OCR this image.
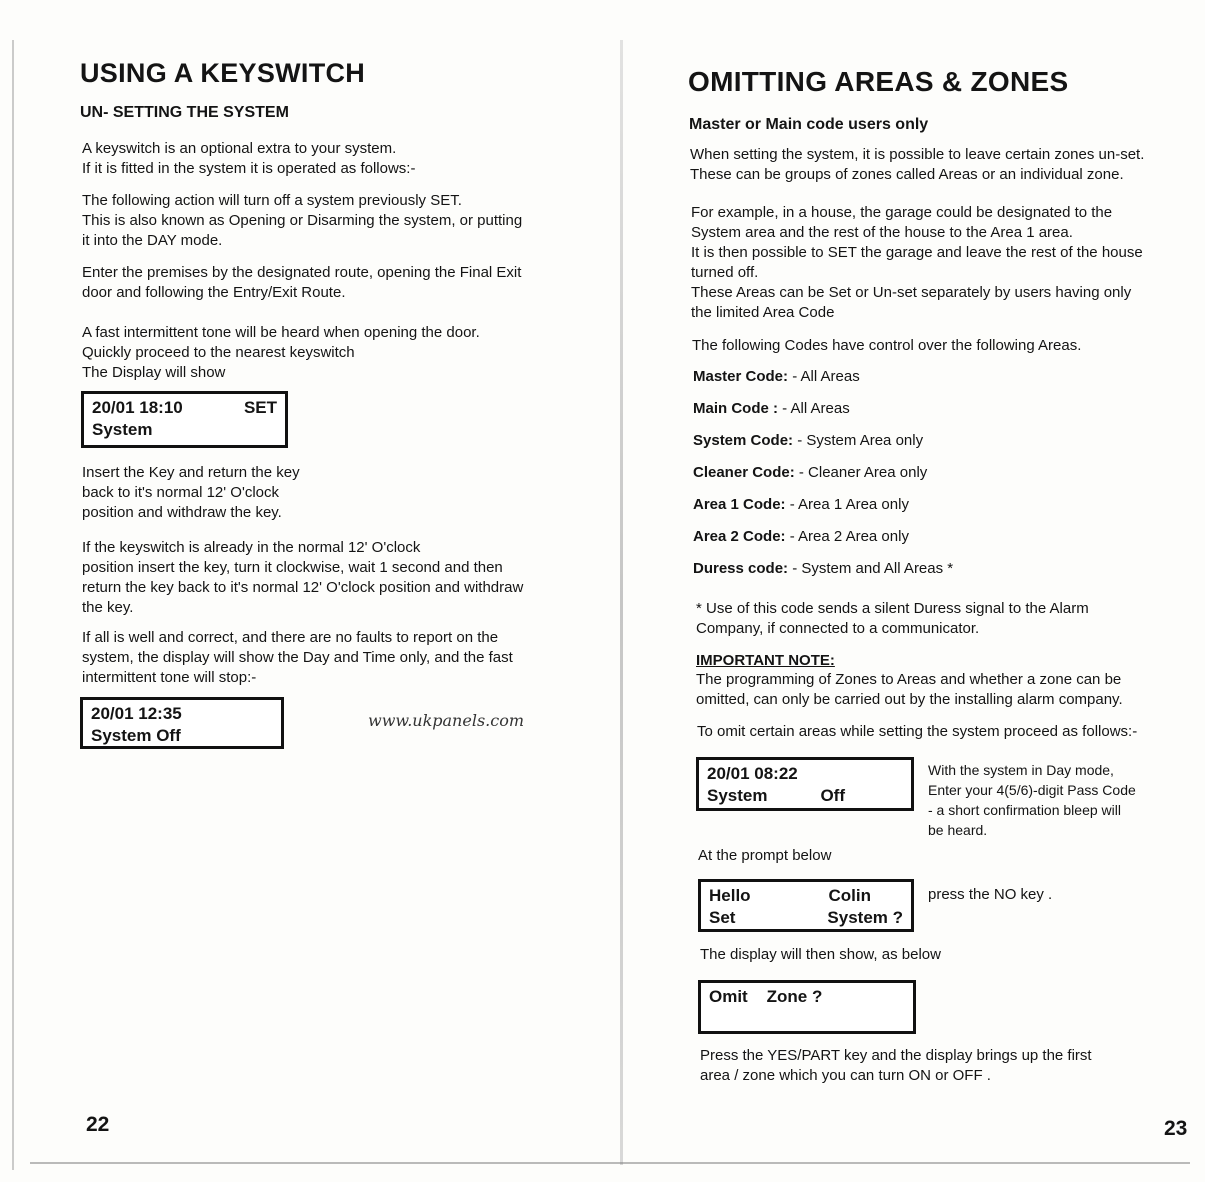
USING A KEYSWITCH
UN- SETTING THE SYSTEM

A keyswitch is an optional extra to your system.
If it is fitted in the system it is operated as follows:-

The following action will turn off a system previously SET.
This is also known as Opening or Disarming the system, or putting
it into the DAY mode.

Enter the premises by the designated route, opening the Final Exit
door and following the Entry/Exit Route.

A fast intermittent tone will be heard when opening the door.
Quickly proceed to the nearest keyswitch
The Display will show

20/01 18:10	SET
System

Insert the Key and return the key
back to it's normal 12' O'clock
position and withdraw the key.

If the keyswitch is already in the normal 12' O'clock
position insert the key, turn it clockwise, wait 1 second and then
return the key back to it's normal 12' O'clock position and withdraw
the key.

If all is well and correct, and there are no faults to report on the
system, the display will show the Day and Time only, and the fast
intermittent tone will stop:-

20/01 12:35
System Off
www.ukpanels.com
22
OMITTING AREAS & ZONES
Master or Main code users only

When setting the system, it is possible to leave certain zones un-set.
These can be groups of zones called Areas or an individual zone.

For example, in a house, the garage could be designated to the
System area and the rest of the house to the Area 1 area.
It is then possible to SET the garage and leave the rest of the house
turned off.
These Areas can be Set or Un-set separately by users having only
the limited Area Code

The following Codes have control over the following Areas.

Master Code: - All Areas
Main Code : - All Areas
System Code: - System Area only
Cleaner Code: - Cleaner Area only
Area 1 Code: - Area 1 Area only
Area 2 Code: - Area 2 Area only
Duress code: - System and All Areas *

* Use of this code sends a silent Duress signal to the Alarm
Company, if connected to a communicator.

IMPORTANT NOTE:

The programming of Zones to Areas and whether a zone can be
omitted, can only be carried out by the installing alarm company.

To omit certain areas while setting the system proceed as follows:-

20/01 08:22
System	Off

With the system in Day mode,
Enter your 4(5/6)-digit Pass Code
- a short confirmation bleep will
be heard.

At the prompt below

Hello	Colin
Set	System ?

press the NO key .

The display will then show, as below

Omit    Zone ?

Press the YES/PART key and the display brings up the first
area / zone which you can turn ON or OFF .

23
